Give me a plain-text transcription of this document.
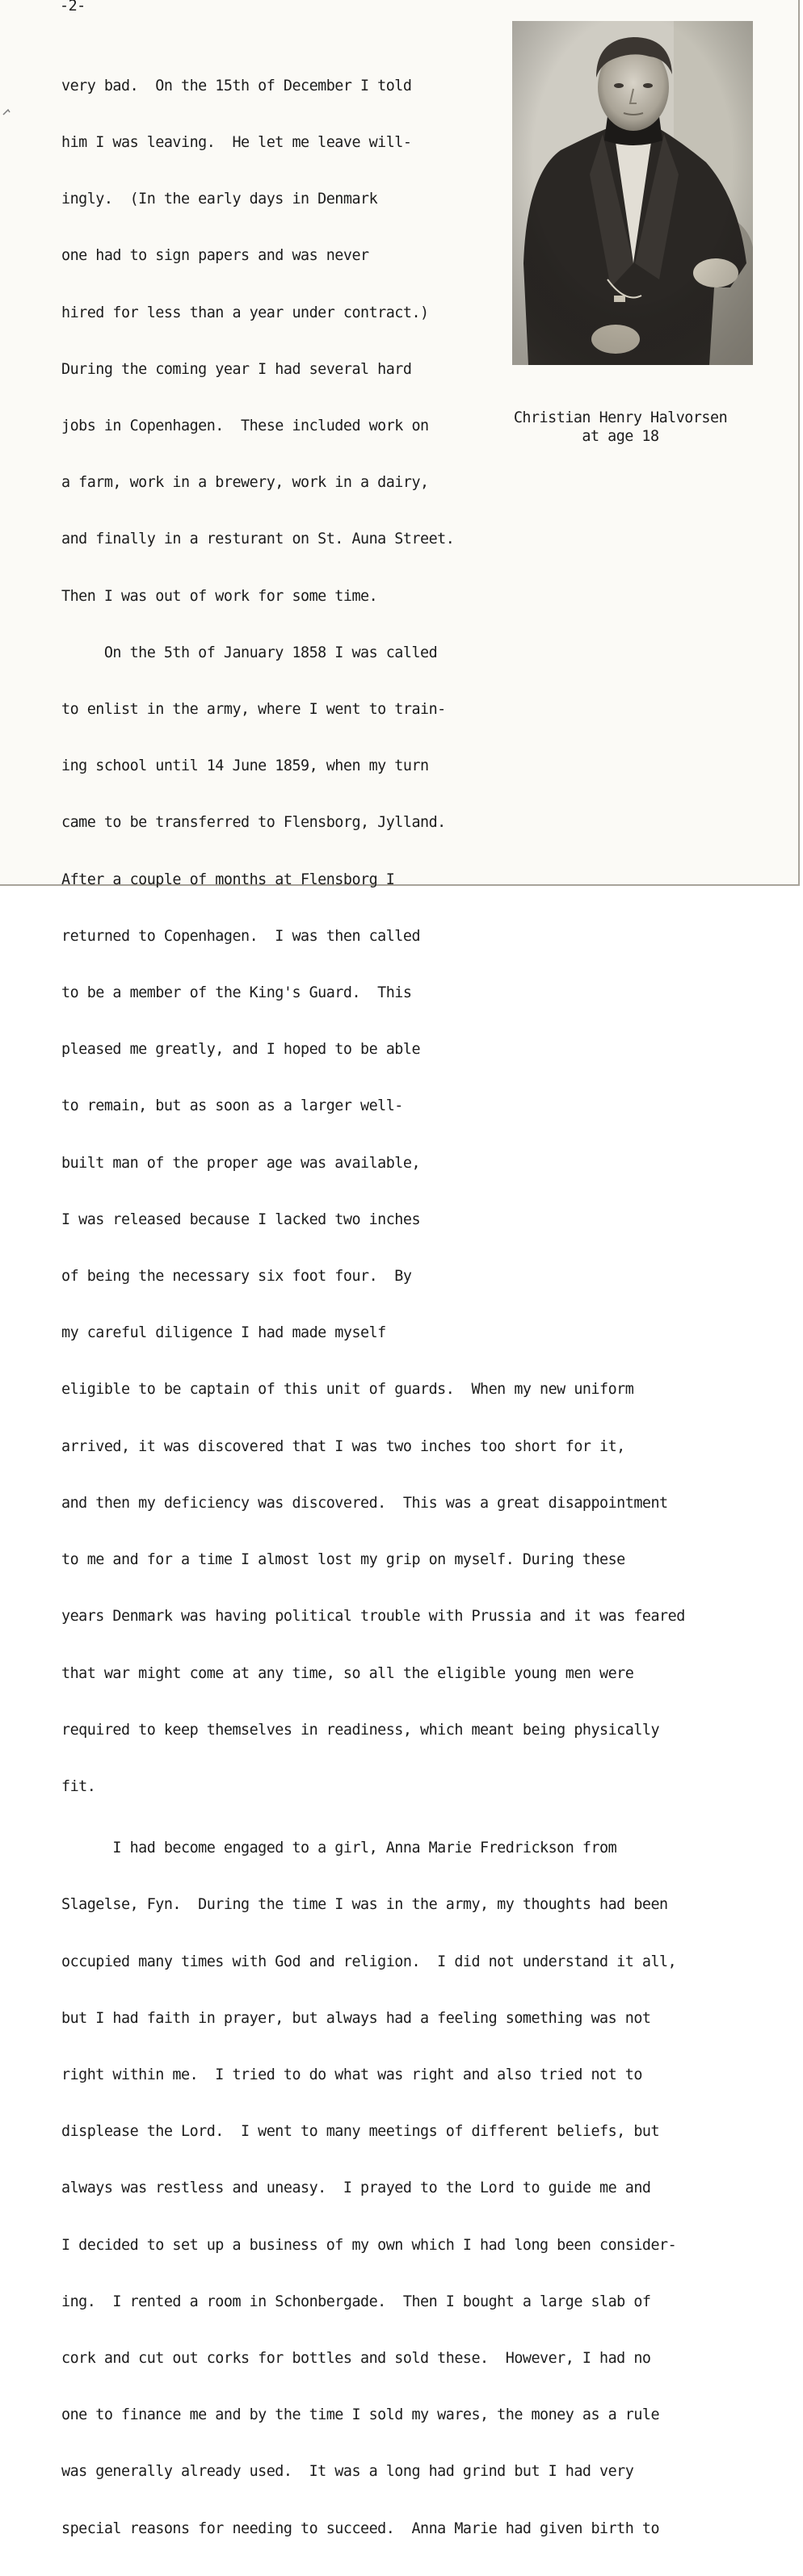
-2-
Christian Henry Halvorsen
at age 18

very bad.  On the 15th of December I told

him I was leaving.  He let me leave will-

ingly.  (In the early days in Denmark

one had to sign papers and was never

hired for less than a year under contract.)

During the coming year I had several hard

jobs in Copenhagen.  These included work on

a farm, work in a brewery, work in a dairy,

and finally in a resturant on St. Auna Street.

Then I was out of work for some time.

On the 5th of January 1858 I was called

to enlist in the army, where I went to train-

ing school until 14 June 1859, when my turn

came to be transferred to Flensborg, Jylland.

After a couple of months at Flensborg I

returned to Copenhagen.  I was then called

to be a member of the King's Guard.  This

pleased me greatly, and I hoped to be able

to remain, but as soon as a larger well-

built man of the proper age was available,

I was released because I lacked two inches

of being the necessary six foot four.  By

my careful diligence I had made myself

eligible to be captain of this unit of guards.  When my new uniform

arrived, it was discovered that I was two inches too short for it,

and then my deficiency was discovered.  This was a great disappointment

to me and for a time I almost lost my grip on myself. During these

years Denmark was having political trouble with Prussia and it was feared

that war might come at any time, so all the eligible young men were

required to keep themselves in readiness, which meant being physically

fit.

I had become engaged to a girl, Anna Marie Fredrickson from

Slagelse, Fyn.  During the time I was in the army, my thoughts had been

occupied many times with God and religion.  I did not understand it all,

but I had faith in prayer, but always had a feeling something was not

right within me.  I tried to do what was right and also tried not to

displease the Lord.  I went to many meetings of different beliefs, but

always was restless and uneasy.  I prayed to the Lord to guide me and

I decided to set up a business of my own which I had long been consider-

ing.  I rented a room in Schonbergade.  Then I bought a large slab of

cork and cut out corks for bottles and sold these.  However, I had no

one to finance me and by the time I sold my wares, the money as a rule

was generally already used.  It was a long had grind but I had very

special reasons for needing to succeed.  Anna Marie had given birth to
